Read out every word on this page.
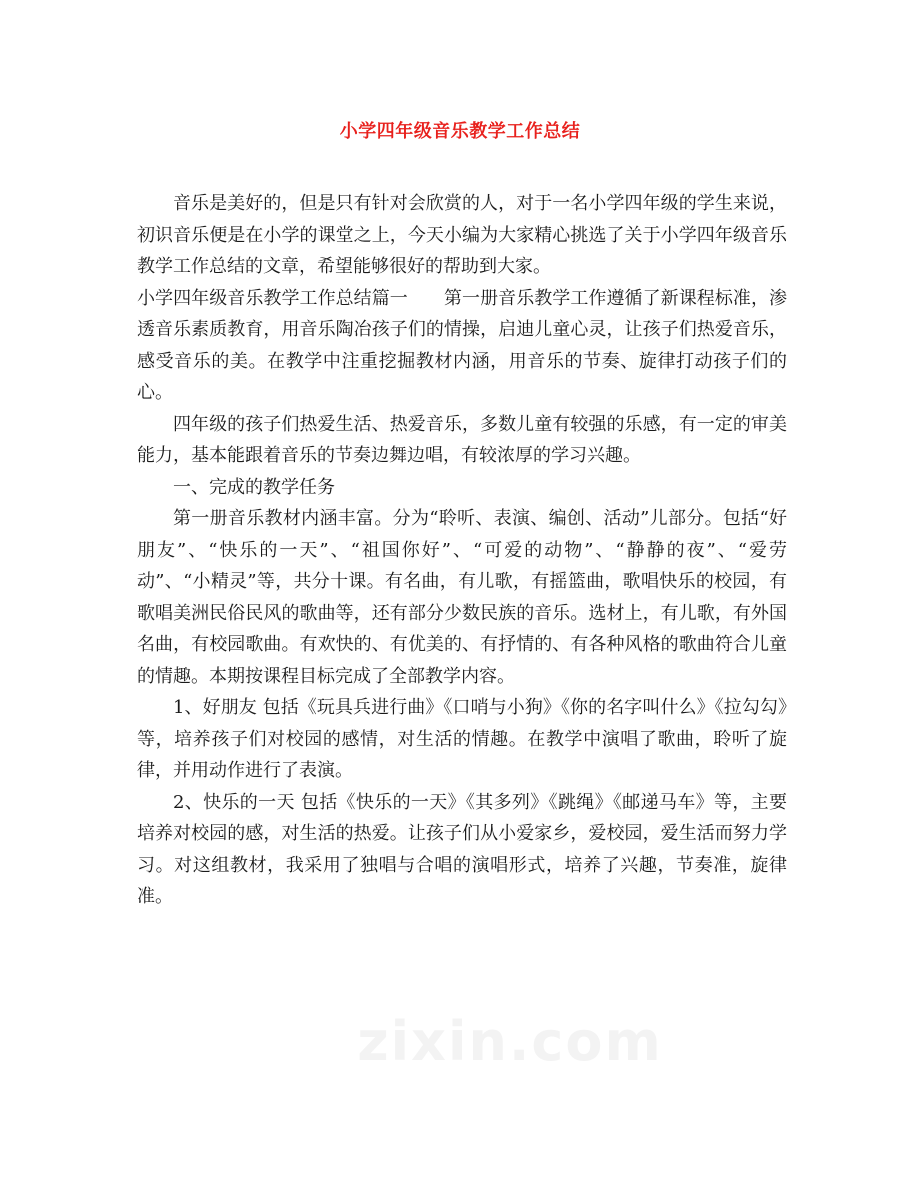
小学四年级音乐教学工作总结

音乐是美好的，但是只有针对会欣赏的人，对于一名小学四年级的学生来说，初识音乐便是在小学的课堂之上，今天小编为大家精心挑选了关于小学四年级音乐教学工作总结的文章，希望能够很好的帮助到大家。

小学四年级音乐教学工作总结篇一　　第一册音乐教学工作遵循了新课程标准，渗透音乐素质教育，用音乐陶冶孩子们的情操，启迪儿童心灵，让孩子们热爱音乐，感受音乐的美。在教学中注重挖掘教材内涵，用音乐的节奏、旋律打动孩子们的心。

四年级的孩子们热爱生活、热爱音乐，多数儿童有较强的乐感，有一定的审美能力，基本能跟着音乐的节奏边舞边唱，有较浓厚的学习兴趣。

一、完成的教学任务

第一册音乐教材内涵丰富。分为“聆听、表演、编创、活动”儿部分。包括“好朋友”、“快乐的一天”、“祖国你好”、“可爱的动物”、“静静的夜”、“爱劳动”、“小精灵”等，共分十课。有名曲，有儿歌，有摇篮曲，歌唱快乐的校园，有歌唱美洲民俗民风的歌曲等，还有部分少数民族的音乐。选材上，有儿歌，有外国名曲，有校园歌曲。有欢快的、有优美的、有抒情的、有各种风格的歌曲符合儿童的情趣。本期按课程目标完成了全部教学内容。

1、好朋友 包括《玩具兵进行曲》《口哨与小狗》《你的名字叫什么》《拉勾勾》等，培养孩子们对校园的感情，对生活的情趣。在教学中演唱了歌曲，聆听了旋律，并用动作进行了表演。

2、快乐的一天 包括《快乐的一天》《其多列》《跳绳》《邮递马车》等，主要培养对校园的感，对生活的热爱。让孩子们从小爱家乡，爱校园，爱生活而努力学习。对这组教材，我采用了独唱与合唱的演唱形式，培养了兴趣，节奏准，旋律准。

zixin.com
